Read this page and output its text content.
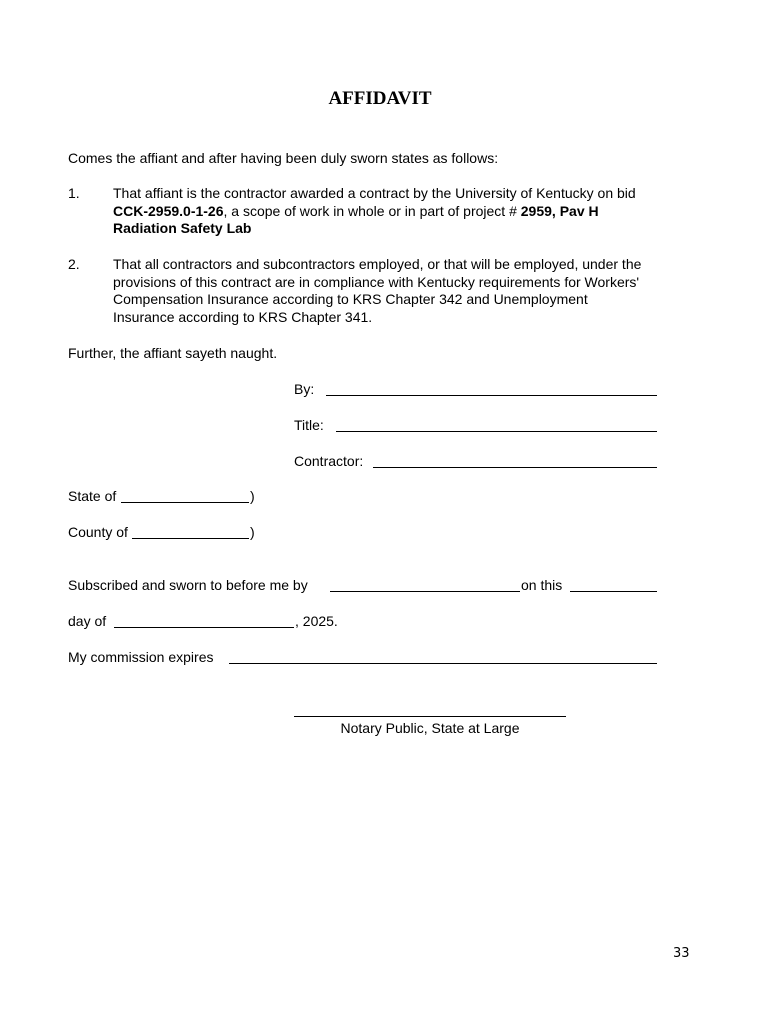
AFFIDAVIT
Comes the affiant and after having been duly sworn states as follows:
1. That affiant is the contractor awarded a contract by the University of Kentucky on bid
CCK-2959.0-1-26, a scope of work in whole or in part of project # 2959, Pav H
Radiation Safety Lab
2. That all contractors and subcontractors employed, or that will be employed, under the
provisions of this contract are in compliance with Kentucky requirements for Workers'
Compensation Insurance according to KRS Chapter 342 and Unemployment
Insurance according to KRS Chapter 341.
Further, the affiant sayeth naught.
By:
Title:
Contractor:
State of	)
County of	)
Subscribed and sworn to before me by	on this
day of	, 2025.
My commission expires
Notary Public, State at Large
33
